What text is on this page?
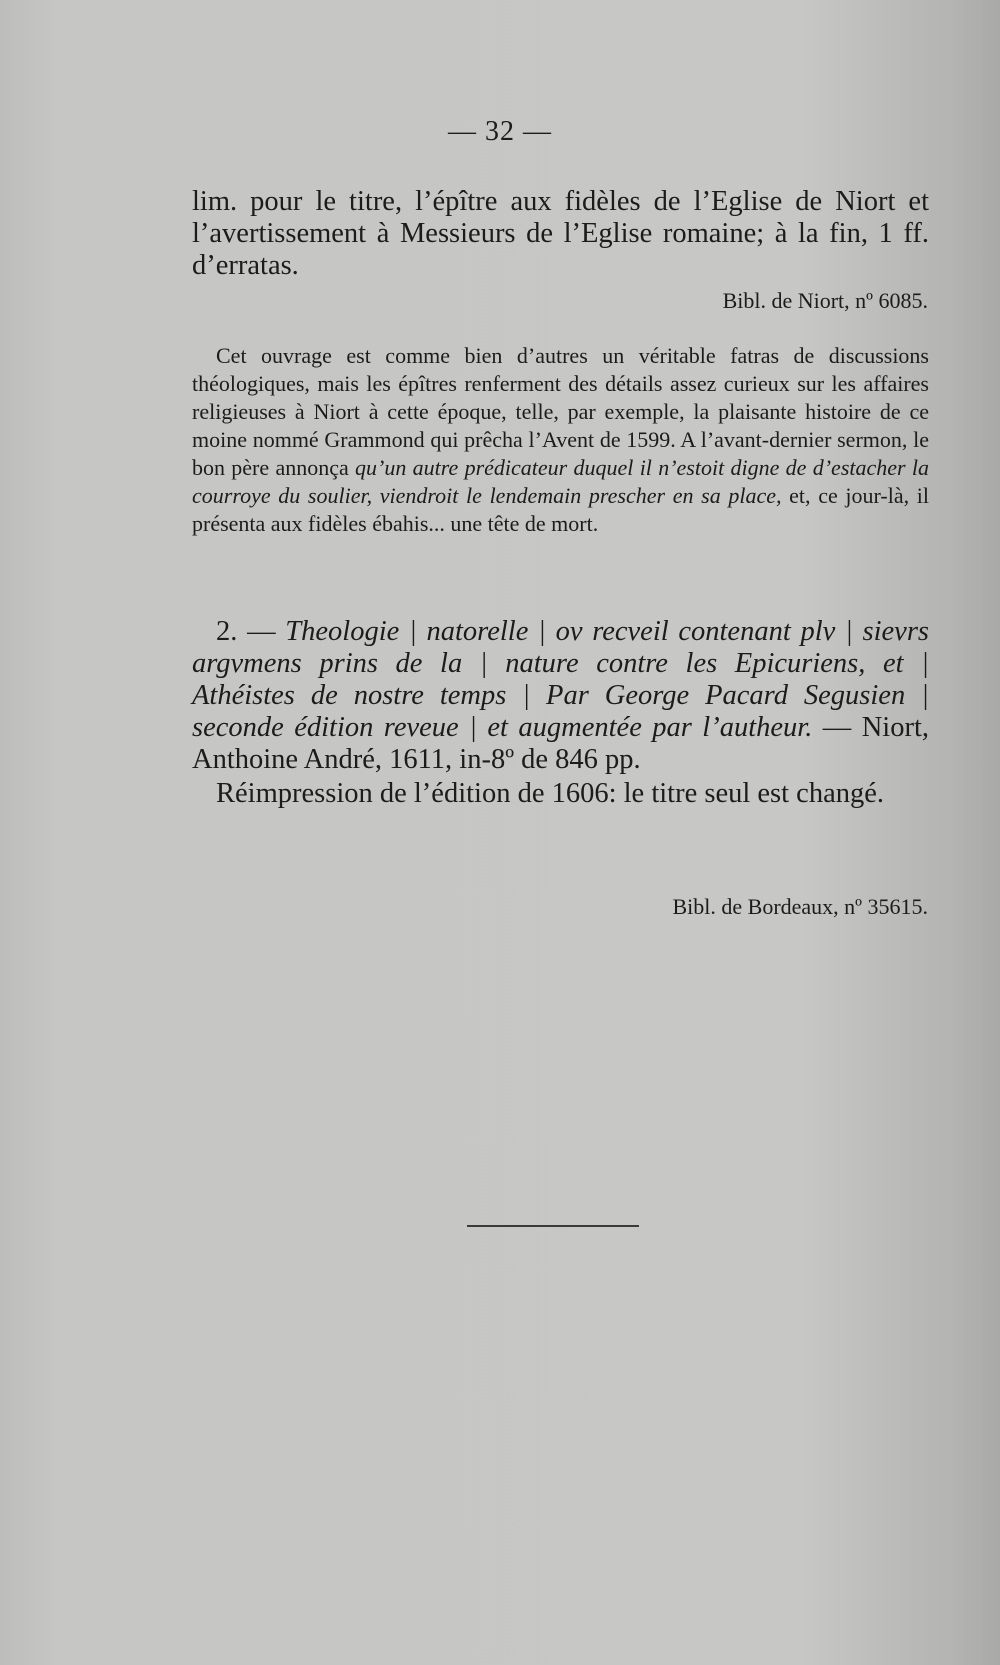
— 32 —

lim. pour le titre, l’épître aux fidèles de l’Eglise de Niort et l’avertissement à Messieurs de l’Eglise romaine; à la fin, 1 ff. d’erratas.

Bibl. de Niort, nº 6085.

Cet ouvrage est comme bien d’autres un véritable fatras de discussions théologiques, mais les épîtres renferment des détails assez curieux sur les affaires religieuses à Niort à cette époque, telle, par exemple, la plaisante histoire de ce moine nommé Grammond qui prêcha l’Avent de 1599. A l’avant-dernier sermon, le bon père annonça qu’un autre prédicateur duquel il n’estoit digne de d’estacher la courroye du soulier, viendroit le lendemain prescher en sa place, et, ce jour-là, il présenta aux fidèles ébahis... une tête de mort.

2. — Theologie | natorelle | ov recveil contenant plv | sievrs argvmens prins de la | nature contre les Epicuriens, et | Athéistes de nostre temps | Par George Pacard Segusien | seconde édition reveue | et augmentée par l’autheur. — Niort, Anthoine André, 1611, in-8º de 846 pp.

Réimpression de l’édition de 1606: le titre seul est changé.

Bibl. de Bordeaux, nº 35615.
